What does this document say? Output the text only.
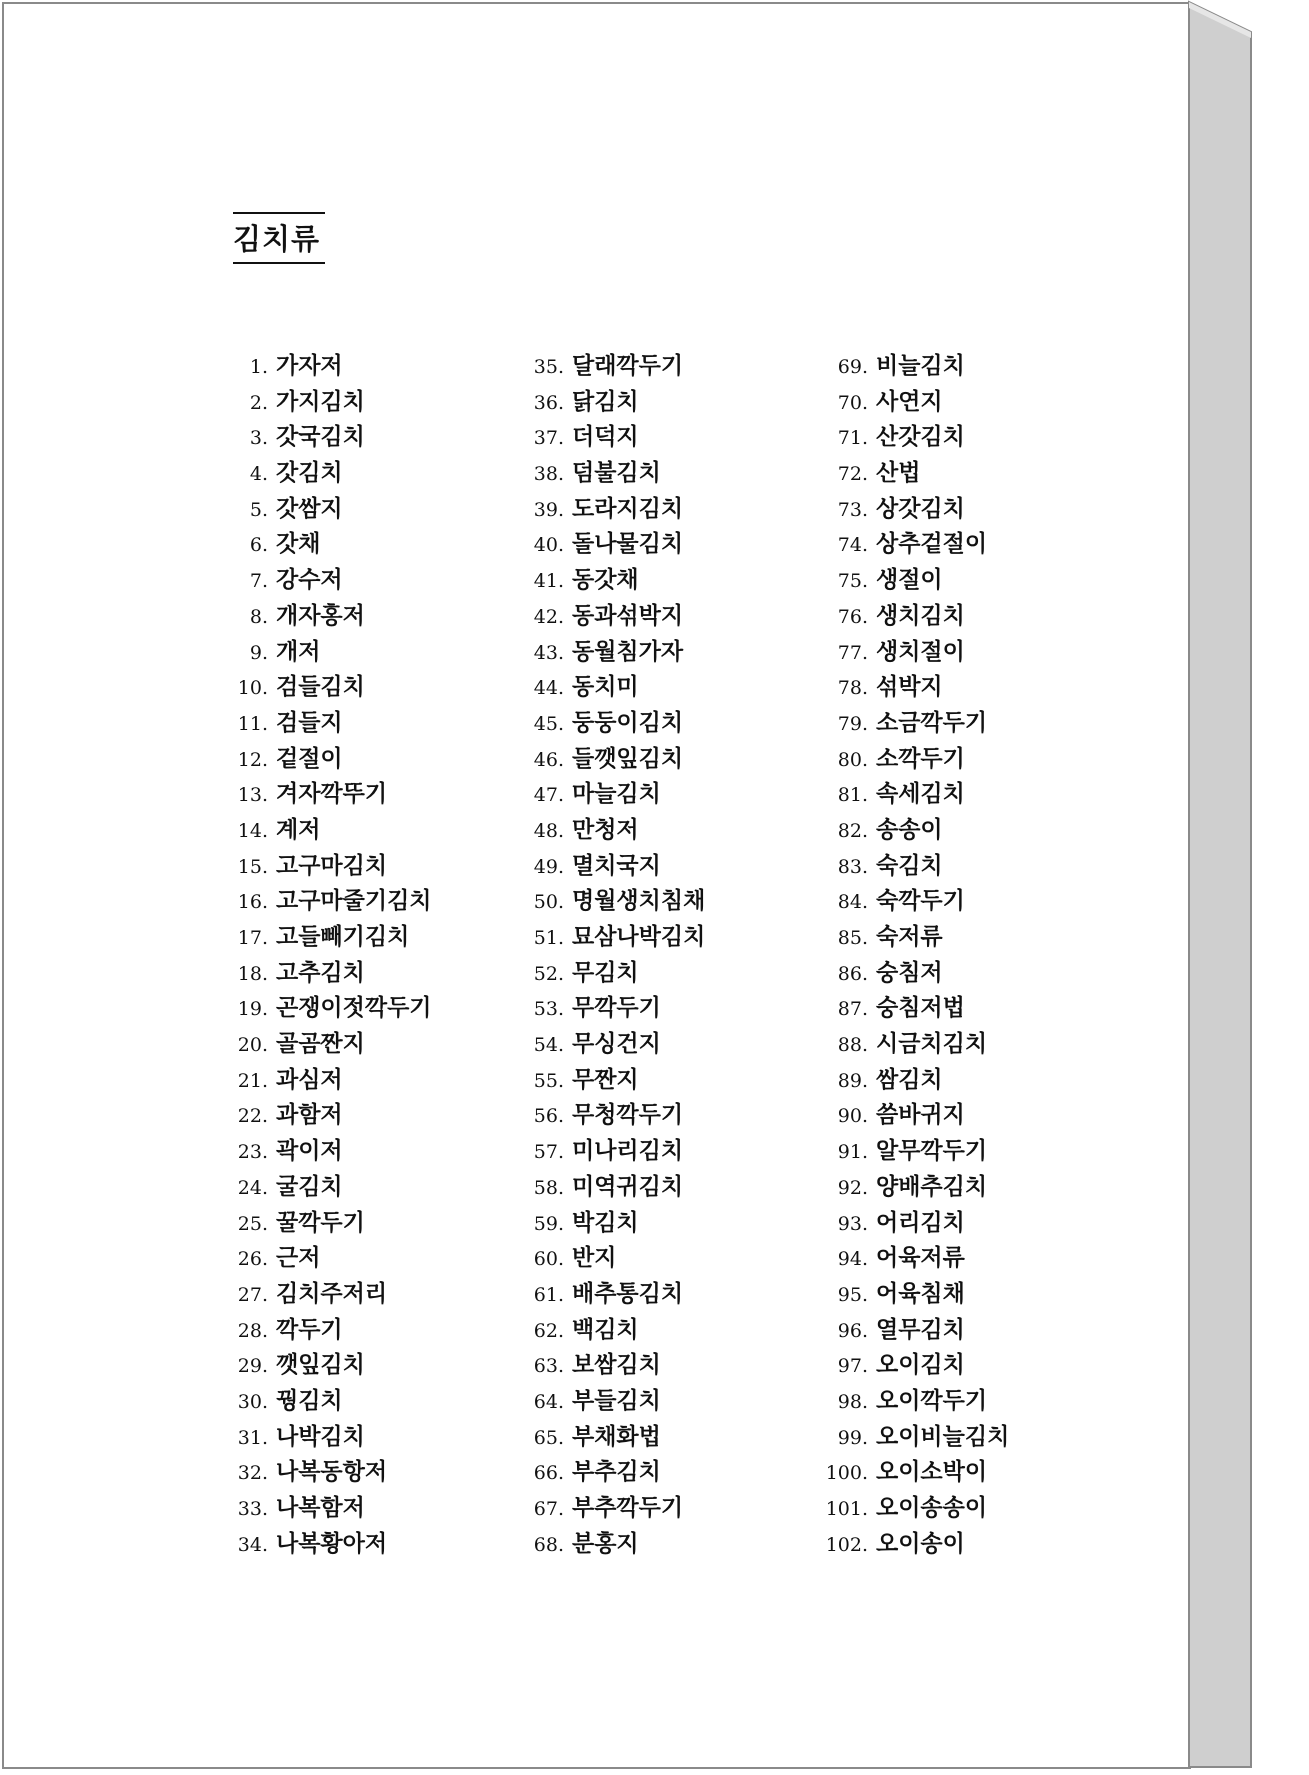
김치류
1. 가자저
2. 가지김치
3. 갓국김치
4. 갓김치
5. 갓쌈지
6. 갓채
7. 강수저
8. 개자홍저
9. 개저
10. 검들김치
11. 검들지
12. 겉절이
13. 겨자깍뚜기
14. 계저
15. 고구마김치
16. 고구마줄기김치
17. 고들빼기김치
18. 고추김치
19. 곤쟁이젓깍두기
20. 골곰짠지
21. 과심저
22. 과함저
23. 곽이저
24. 굴김치
25. 꿀깍두기
26. 근저
27. 김치주저리
28. 깍두기
29. 깻잎김치
30. 꿩김치
31. 나박김치
32. 나복동항저
33. 나복함저
34. 나복황아저
35. 달래깍두기
36. 닭김치
37. 더덕지
38. 덤불김치
39. 도라지김치
40. 돌나물김치
41. 동갓채
42. 동과섞박지
43. 동월침가자
44. 동치미
45. 둥둥이김치
46. 들깻잎김치
47. 마늘김치
48. 만청저
49. 멸치국지
50. 명월생치침채
51. 묘삼나박김치
52. 무김치
53. 무깍두기
54. 무싱건지
55. 무짠지
56. 무청깍두기
57. 미나리김치
58. 미역귀김치
59. 박김치
60. 반지
61. 배추통김치
62. 백김치
63. 보쌈김치
64. 부들김치
65. 부채화법
66. 부추김치
67. 부추깍두기
68. 분홍지
69. 비늘김치
70. 사연지
71. 산갓김치
72. 산법
73. 상갓김치
74. 상추겉절이
75. 생절이
76. 생치김치
77. 생치절이
78. 섞박지
79. 소금깍두기
80. 소깍두기
81. 속세김치
82. 송송이
83. 숙김치
84. 숙깍두기
85. 숙저류
86. 숭침저
87. 숭침저법
88. 시금치김치
89. 쌈김치
90. 씀바귀지
91. 알무깍두기
92. 양배추김치
93. 어리김치
94. 어육저류
95. 어육침채
96. 열무김치
97. 오이김치
98. 오이깍두기
99. 오이비늘김치
100. 오이소박이
101. 오이송송이
102. 오이송이
